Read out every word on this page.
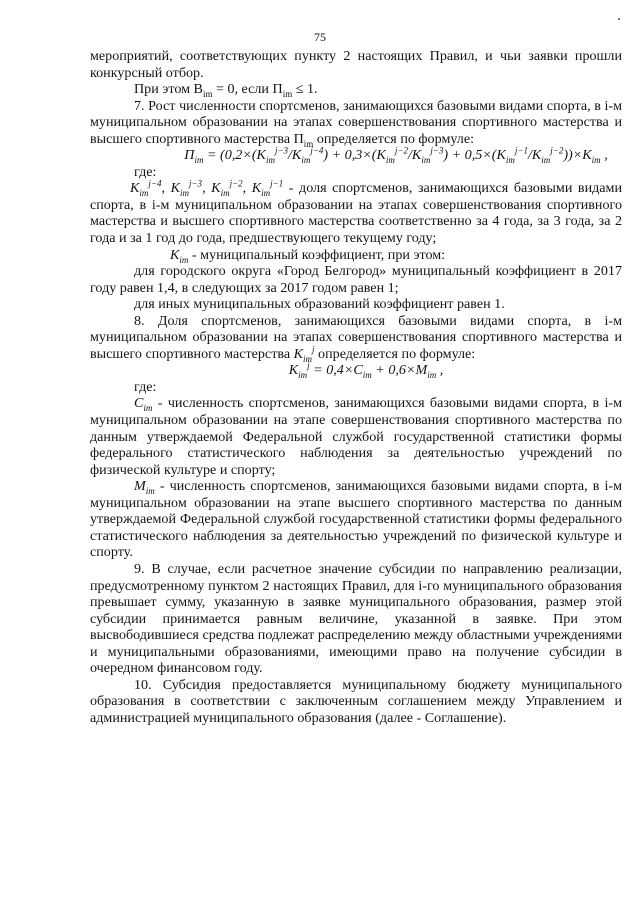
75

мероприятий, соответствующих пункту 2 настоящих Правил, и чьи заявки прошли конкурсный отбор.

При этом $B_{im} = 0$, если $П_{im} \le 1$.

7. Рост численности спортсменов, занимающихся базовыми видами спорта, в i-м муниципальном образовании на этапах совершенствования спортивного мастерства и высшего спортивного мастерства $П_{im}$ определяется по формуле:

$П_{im} = (0,2\times(K_{im}^{j-3}/K_{im}^{j-4}) + 0,3\times(K_{im}^{j-2}/K_{im}^{j-3}) + 0,5\times(K_{im}^{j-1}/K_{im}^{j-2}))\times K_{im}$ ,

где:

$K_{im}^{j-4}$, $K_{im}^{j-3}$, $K_{im}^{j-2}$, $K_{im}^{j-1}$ - доля спортсменов, занимающихся базовыми видами спорта, в i-м муниципальном образовании на этапах совершенствования спортивного мастерства и высшего спортивного мастерства соответственно за 4 года, за 3 года, за 2 года и за 1 год до года, предшествующего текущему году;

$K_{im}$ - муниципальный коэффициент, при этом:

для городского округа «Город Белгород» муниципальный коэффициент в 2017 году равен 1,4, в следующих за 2017 годом равен 1;

для иных муниципальных образований коэффициент равен 1.

8. Доля спортсменов, занимающихся базовыми видами спорта, в i-м муниципальном образовании на этапах совершенствования спортивного мастерства и высшего спортивного мастерства $K_{im}^j$ определяется по формуле:

$K_{im}^j = 0,4\times C_{im} + 0,6\times M_{im}$ ,

где:

$C_{im}$ - численность спортсменов, занимающихся базовыми видами спорта, в i-м муниципальном образовании на этапе совершенствования спортивного мастерства по данным утверждаемой Федеральной службой государственной статистики формы федерального статистического наблюдения за деятельностью учреждений по физической культуре и спорту;

$M_{im}$ - численность спортсменов, занимающихся базовыми видами спорта, в i-м муниципальном образовании на этапе высшего спортивного мастерства по данным утверждаемой Федеральной службой государственной статистики формы федерального статистического наблюдения за деятельностью учреждений по физической культуре и спорту.

9. В случае, если расчетное значение субсидии по направлению реализации, предусмотренному пунктом 2 настоящих Правил, для i-го муниципального образования превышает сумму, указанную в заявке муниципального образования, размер этой субсидии принимается равным величине, указанной в заявке. При этом высвободившиеся средства подлежат распределению между областными учреждениями и муниципальными образованиями, имеющими право на получение субсидии в очередном финансовом году.

10. Субсидия предоставляется муниципальному бюджету муниципального образования в соответствии с заключенным соглашением между Управлением и администрацией муниципального образования (далее - Соглашение).
